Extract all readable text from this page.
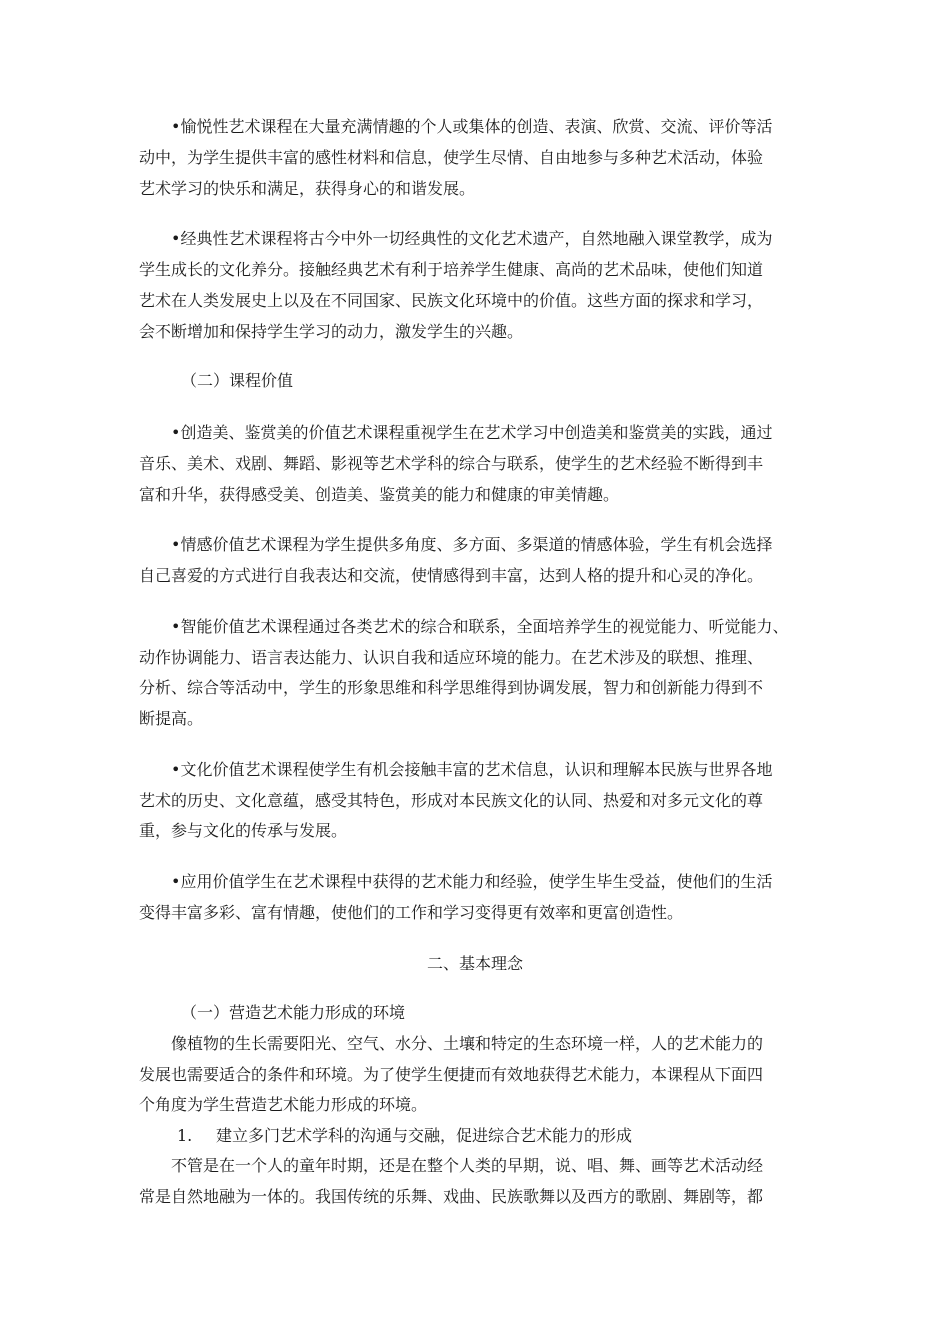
•愉悦性艺术课程在大量充满情趣的个人或集体的创造、表演、欣赏、交流、评价等活
动中，为学生提供丰富的感性材料和信息，使学生尽情、自由地参与多种艺术活动，体验
艺术学习的快乐和满足，获得身心的和谐发展。
•经典性艺术课程将古今中外一切经典性的文化艺术遗产，自然地融入课堂教学，成为
学生成长的文化养分。接触经典艺术有利于培养学生健康、高尚的艺术品味，使他们知道
艺术在人类发展史上以及在不同国家、民族文化环境中的价值。这些方面的探求和学习，
会不断增加和保持学生学习的动力，激发学生的兴趣。
（二）课程价值
•创造美、鉴赏美的价值艺术课程重视学生在艺术学习中创造美和鉴赏美的实践，通过
音乐、美术、戏剧、舞蹈、影视等艺术学科的综合与联系，使学生的艺术经验不断得到丰
富和升华，获得感受美、创造美、鉴赏美的能力和健康的审美情趣。
•情感价值艺术课程为学生提供多角度、多方面、多渠道的情感体验，学生有机会选择
自己喜爱的方式进行自我表达和交流，使情感得到丰富，达到人格的提升和心灵的净化。
•智能价值艺术课程通过各类艺术的综合和联系，全面培养学生的视觉能力、听觉能力、
动作协调能力、语言表达能力、认识自我和适应环境的能力。在艺术涉及的联想、推理、
分析、综合等活动中，学生的形象思维和科学思维得到协调发展，智力和创新能力得到不
断提高。
•文化价值艺术课程使学生有机会接触丰富的艺术信息，认识和理解本民族与世界各地
艺术的历史、文化意蕴，感受其特色，形成对本民族文化的认同、热爱和对多元文化的尊
重，参与文化的传承与发展。
•应用价值学生在艺术课程中获得的艺术能力和经验，使学生毕生受益，使他们的生活
变得丰富多彩、富有情趣，使他们的工作和学习变得更有效率和更富创造性。
二、基本理念
（一）营造艺术能力形成的环境
像植物的生长需要阳光、空气、水分、土壤和特定的生态环境一样，人的艺术能力的
发展也需要适合的条件和环境。为了使学生便捷而有效地获得艺术能力，本课程从下面四
个角度为学生营造艺术能力形成的环境。
1. 建立多门艺术学科的沟通与交融，促进综合艺术能力的形成
不管是在一个人的童年时期，还是在整个人类的早期，说、唱、舞、画等艺术活动经
常是自然地融为一体的。我国传统的乐舞、戏曲、民族歌舞以及西方的歌剧、舞剧等，都
